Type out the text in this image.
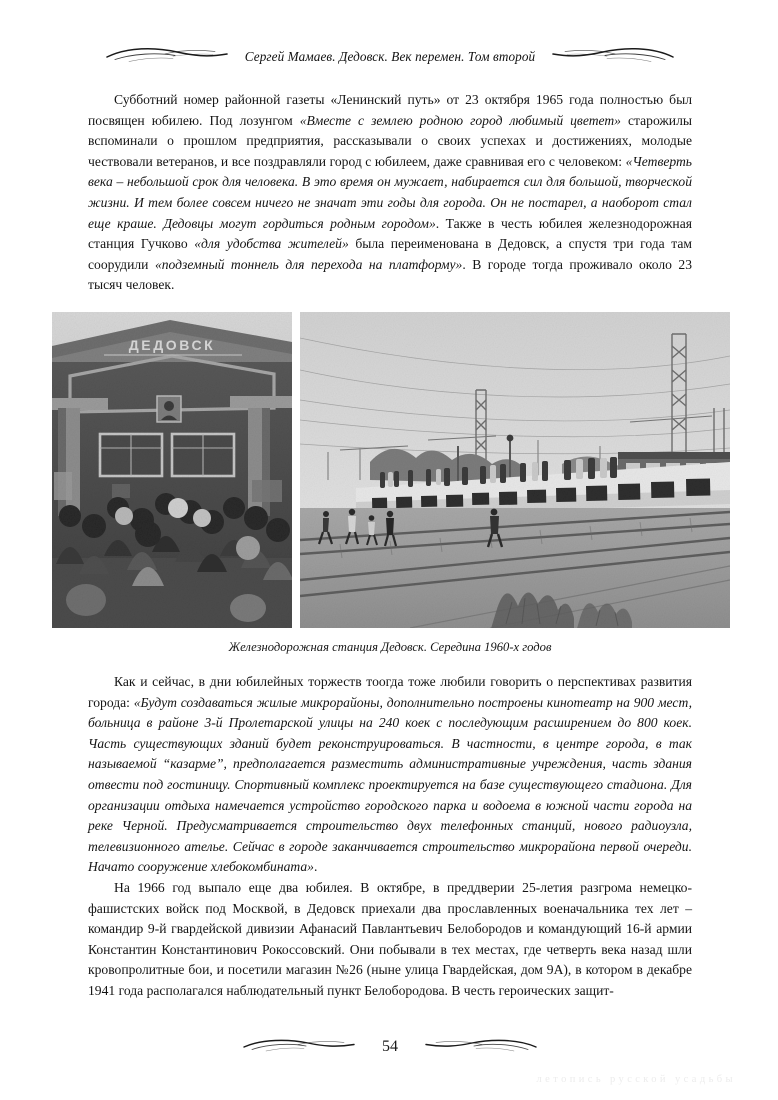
Сергей Мамаев. Дедовск. Век перемен. Том второй

Субботний номер районной газеты «Ленинский путь» от 23 октября 1965 года полностью был посвящен юбилею. Под лозунгом «Вместе с землею родною город любимый цветет» старожилы вспоминали о прошлом предприятия, рассказывали о своих успехах и достижениях, молодые чествовали ветеранов, и все поздравляли город с юбилеем, даже сравнивая его с человеком: «Четверть века – небольшой срок для человека. В это время он мужает, набирается сил для большой, творческой жизни. И тем более совсем ничего не значат эти годы для города. Он не постарел, а наоборот стал еще краше. Дедовцы могут гордиться родным городом». Также в честь юбилея железнодорожная станция Гучково «для удобства жителей» была переименована в Дедовск, а спустя три года там соорудили «подземный тоннель для перехода на платформу». В городе тогда проживало около 23 тысяч человек.

ДЕДОВСК
Железнодорожная станция Дедовск. Середина 1960-х годов

Как и сейчас, в дни юбилейных торжеств тоогда тоже любили говорить о перспективах развития города: «Будут создаваться жилые микрорайоны, дополнительно построены кинотеатр на 900 мест, больница в районе 3-й Пролетарской улицы на 240 коек с последующим расширением до 800 коек. Часть существующих зданий будет реконструироваться. В частности, в центре города, в так называемой “казарме”, предполагается разместить административные учреждения, часть здания отвести под гостиницу. Спортивный комплекс проектируется на базе существующего стадиона. Для организации отдыха намечается устройство городского парка и водоема в южной части города на реке Черной. Предусматривается строительство двух телефонных станций, нового радиоузла, телевизионного ателье. Сейчас в городе заканчивается строительство микрорайона первой очереди. Начато сооружение хлебокомбината».

На 1966 год выпало еще два юбилея. В октябре, в преддверии 25-летия разгрома немецко-фашистских войск под Москвой, в Дедовск приехали два прославленных военачальника тех лет – командир 9-й гвардейской дивизии Афанасий Павлантьевич Белобородов и командующий 16-й армии Константин Константинович Рокоссовский. Они побывали в тех местах, где четверть века назад шли кровопролитные бои, и посетили магазин №26 (ныне улица Гвардейская, дом 9А), в котором в декабре 1941 года располагался наблюдательный пункт Белобородова. В честь героических защит-

54
летопись русской усадьбы
